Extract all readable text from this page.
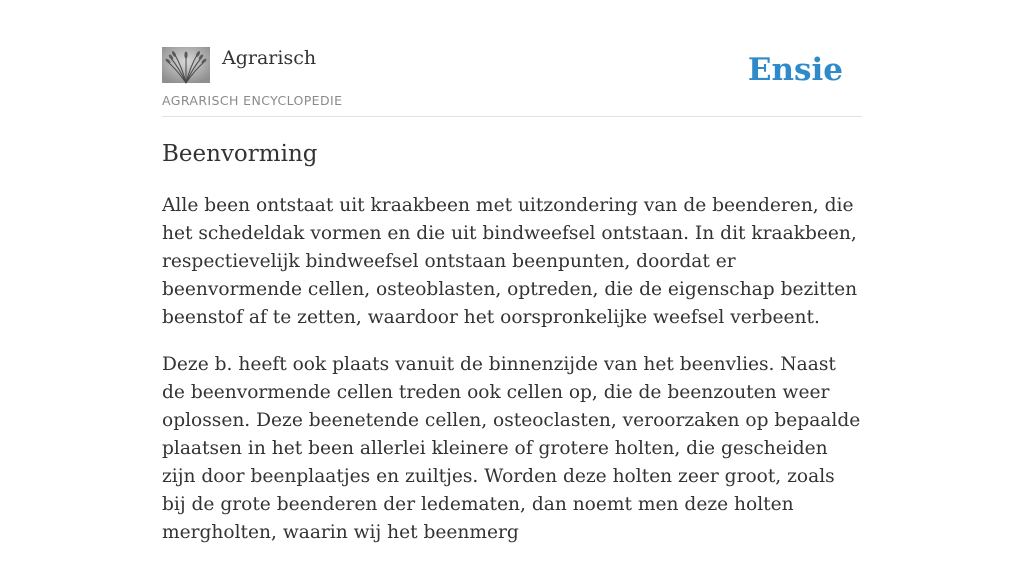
Agrarisch
AGRARISCH ENCYCLOPEDIE
Ensie
Beenvorming

Alle been ontstaat uit kraakbeen met uitzondering van de beenderen, die het schedeldak vormen en die uit bindweefsel ontstaan. In dit kraakbeen, respectievelijk bindweefsel ontstaan beenpunten, doordat er beenvormende cellen, osteoblasten, optreden, die de eigenschap bezitten beenstof af te zetten, waardoor het oorspronkelijke weefsel verbeent.

Deze b. heeft ook plaats vanuit de binnenzijde van het beenvlies. Naast de beenvormende cellen treden ook cellen op, die de beenzouten weer oplossen. Deze beenetende cellen, osteoclasten, veroorzaken op bepaalde plaatsen in het been allerlei kleinere of grotere holten, die gescheiden zijn door beenplaatjes en zuiltjes. Worden deze holten zeer groot, zoals bij de grote beenderen der ledematen, dan noemt men deze holten mergholten, waarin wij het beenmerg
